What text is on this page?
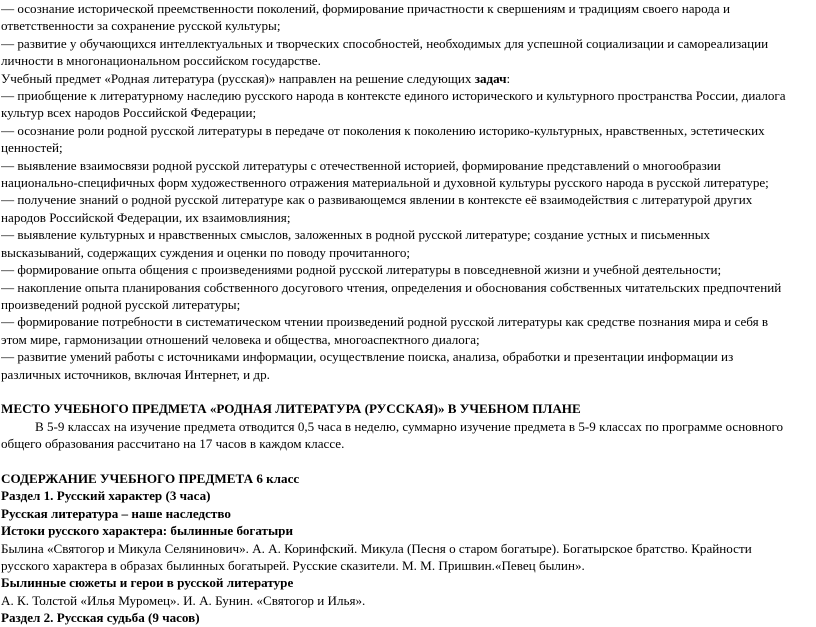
— осознание исторической преемственности поколений, формирование причастности к свершениям и традициям своего народа и
ответственности за сохранение русской культуры;
— развитие у обучающихся интеллектуальных и творческих способностей, необходимых для успешной социализации и самореализации
личности в многонациональном российском государстве.
Учебный предмет «Родная литература (русская)» направлен на решение следующих задач:
— приобщение к литературному наследию русского народа в контексте единого исторического и культурного пространства России, диалога
культур всех народов Российской Федерации;
— осознание роли родной русской литературы в передаче от поколения к поколению историко-культурных, нравственных, эстетических
ценностей;
— выявление взаимосвязи родной русской литературы с отечественной историей, формирование представлений о многообразии
национально-специфичных форм художественного отражения материальной и духовной культуры русского народа в русской литературе;
— получение знаний о родной русской литературе как о развивающемся явлении в контексте её взаимодействия с литературой других
народов Российской Федерации, их взаимовлияния;
— выявление культурных и нравственных смыслов, заложенных в родной русской литературе; создание устных и письменных
высказываний, содержащих суждения и оценки по поводу прочитанного;
— формирование опыта общения с произведениями родной русской литературы в повседневной жизни и учебной деятельности;
— накопление опыта планирования собственного досугового чтения, определения и обоснования собственных читательских предпочтений
произведений родной русской литературы;
— формирование потребности в систематическом чтении произведений родной русской литературы как средстве познания мира и себя в
этом мире, гармонизации отношений человека и общества, многоаспектного диалога;
— развитие умений работы с источниками информации, осуществление поиска, анализа, обработки и презентации информации из
различных источников, включая Интернет, и др.
МЕСТО УЧЕБНОГО ПРЕДМЕТА «РОДНАЯ ЛИТЕРАТУРА (РУССКАЯ)» В УЧЕБНОМ ПЛАНЕ
В 5-9 классах на изучение предмета отводится 0,5 часа в неделю, суммарно изучение предмета в 5-9 классах по программе основного
общего образования рассчитано на 17 часов в каждом классе.
СОДЕРЖАНИЕ УЧЕБНОГО ПРЕДМЕТА 6 класс
Раздел 1. Русский характер (3 часа)
Русская литература – наше наследство
Истоки русского характера: былинные богатыри
Былина «Святогор и Микула Селянинович». А. А. Коринфский. Микула (Песня о старом богатыре). Богатырское братство. Крайности
русского характера в образах былинных богатырей. Русские сказители. М. М. Пришвин.«Певец былин».
Былинные сюжеты и герои в русской литературе
А. К. Толстой «Илья Муромец». И. А. Бунин. «Святогор и Илья».
Раздел 2. Русская судьба (9 часов)
